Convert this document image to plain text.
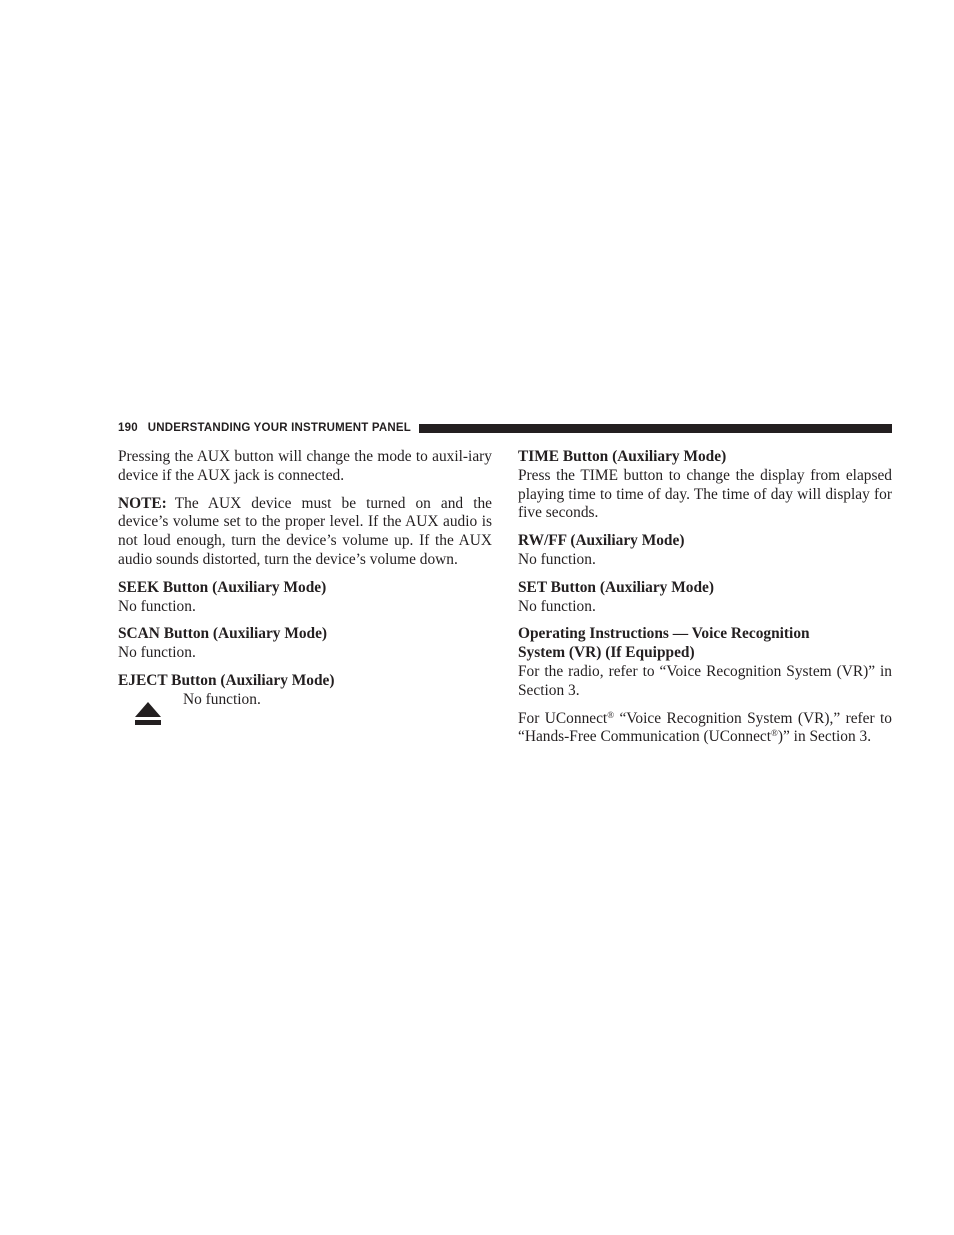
190 UNDERSTANDING YOUR INSTRUMENT PANEL

Pressing the AUX button will change the mode to auxil-iary device if the AUX jack is connected.

NOTE: The AUX device must be turned on and the device’s volume set to the proper level. If the AUX audio is not loud enough, turn the device’s volume up. If the AUX audio sounds distorted, turn the device’s volume down.

SEEK Button (Auxiliary Mode)

No function.

SCAN Button (Auxiliary Mode)

No function.

EJECT Button (Auxiliary Mode)

No function.

TIME Button (Auxiliary Mode)

Press the TIME button to change the display from elapsed playing time to time of day. The time of day will display for five seconds.

RW/FF (Auxiliary Mode)

No function.

SET Button (Auxiliary Mode)

No function.

Operating Instructions — Voice Recognition
System (VR) (If Equipped)

For the radio, refer to “Voice Recognition System (VR)” in Section 3.

For UConnect® “Voice Recognition System (VR),” refer to “Hands-Free Communication (UConnect®)” in Section 3.
